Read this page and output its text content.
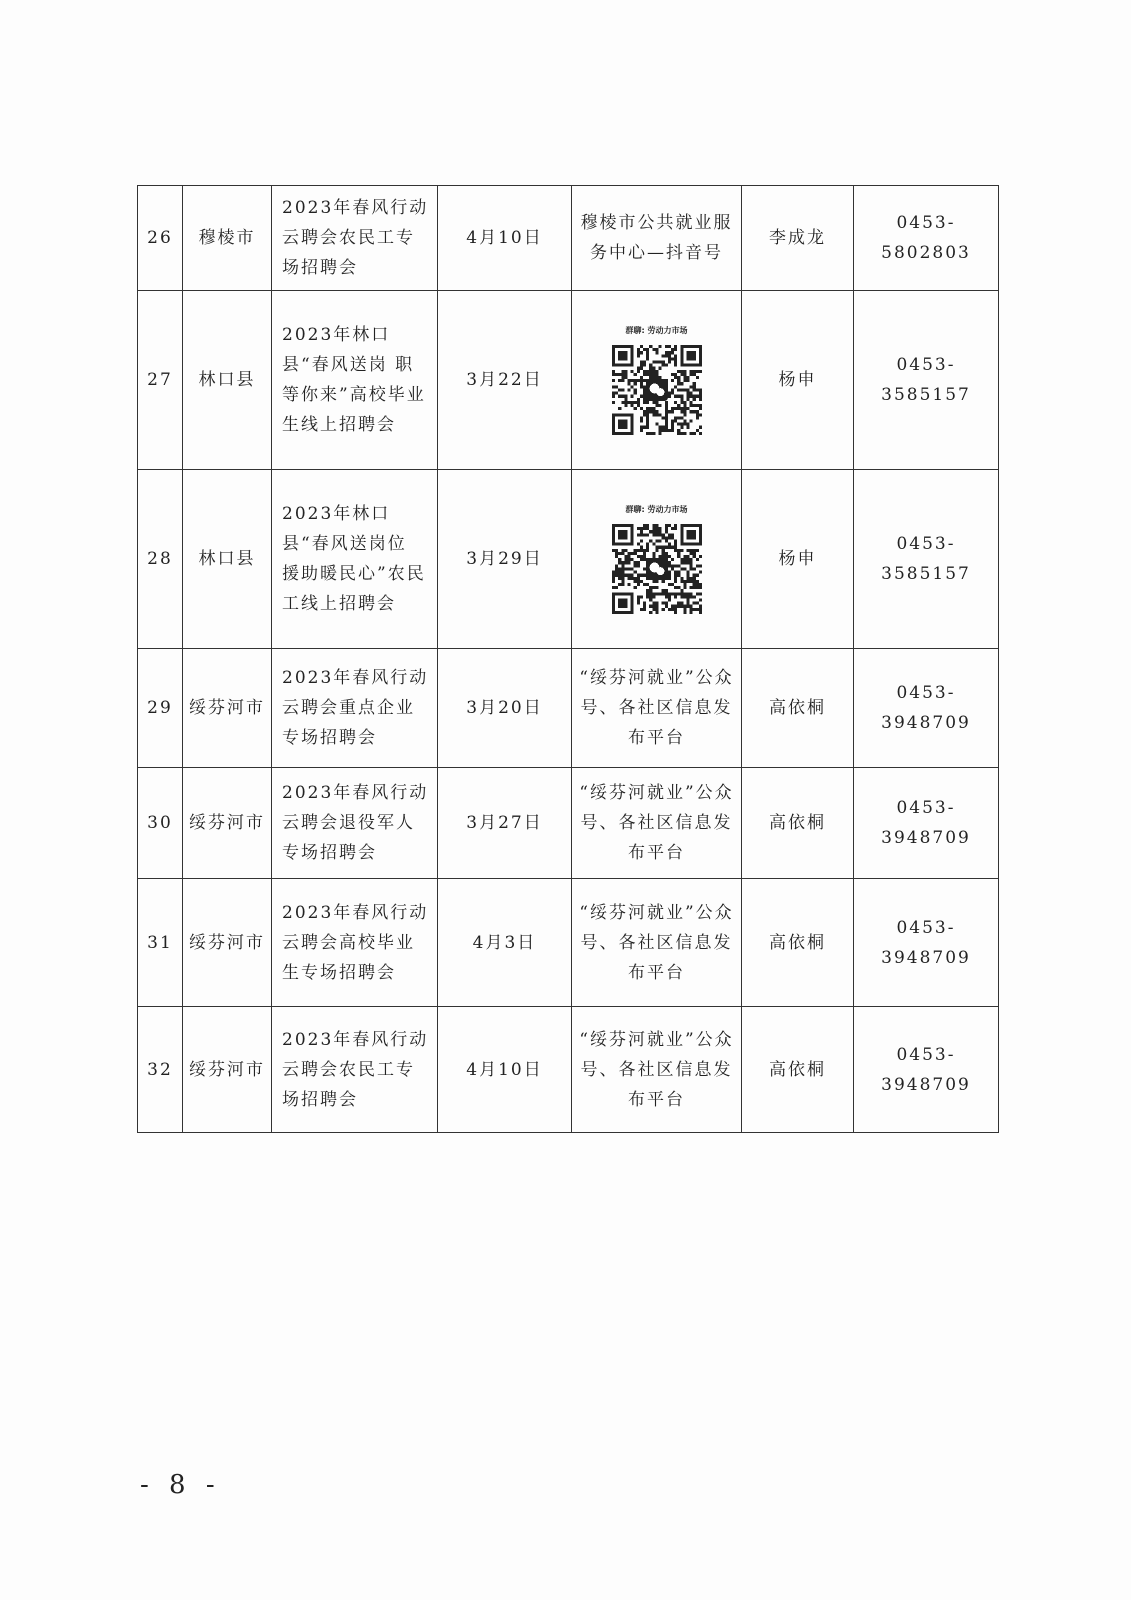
26	穆棱市	2023年春风行动云聘会农民工专场招聘会	4月10日	穆棱市公共就业服务中心—抖音号	李成龙	0453-5802803
27	林口县	2023年林口县“春风送岗 职等你来”高校毕业生线上招聘会	3月22日	群聊: 劳动力市场	杨申	0453-3585157
28	林口县	2023年林口县“春风送岗位 援助暖民心”农民工线上招聘会	3月29日	群聊: 劳动力市场	杨申	0453-3585157
29	绥芬河市	2023年春风行动云聘会重点企业专场招聘会	3月20日	“绥芬河就业”公众号、各社区信息发布平台	高依桐	0453-3948709
30	绥芬河市	2023年春风行动云聘会退役军人专场招聘会	3月27日	“绥芬河就业”公众号、各社区信息发布平台	高依桐	0453-3948709
31	绥芬河市	2023年春风行动云聘会高校毕业生专场招聘会	4月3日	“绥芬河就业”公众号、各社区信息发布平台	高依桐	0453-3948709
32	绥芬河市	2023年春风行动云聘会农民工专场招聘会	4月10日	“绥芬河就业”公众号、各社区信息发布平台	高依桐	0453-3948709
- 8 -
